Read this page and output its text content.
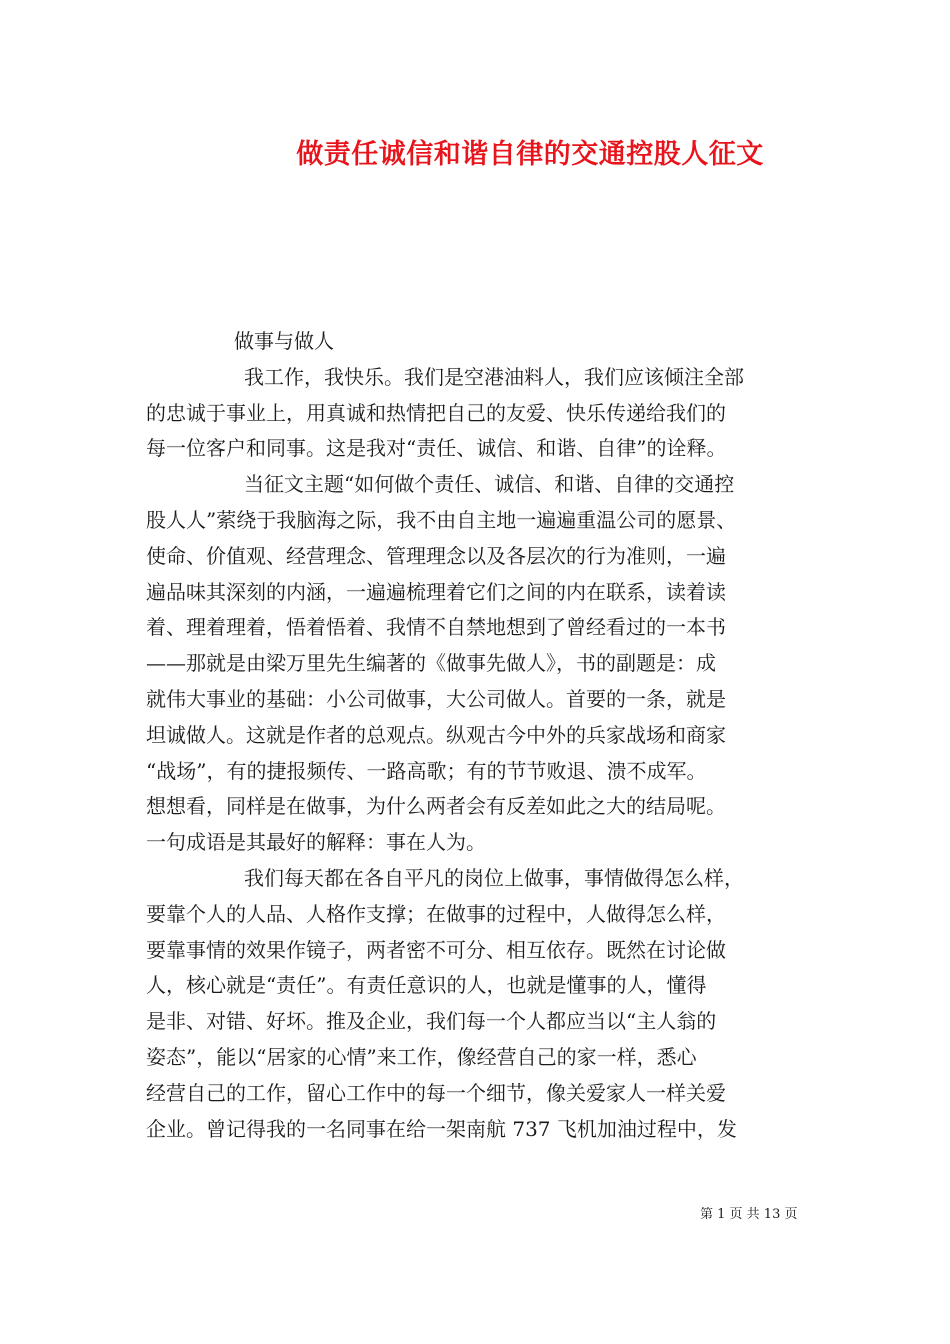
做责任诚信和谐自律的交通控股人征文
做事与做人
我工作，我快乐。我们是空港油料人，我们应该倾注全部
的忠诚于事业上，用真诚和热情把自己的友爱、快乐传递给我们的
每一位客户和同事。这是我对“责任、诚信、和谐、自律”的诠释。
当征文主题“如何做个责任、诚信、和谐、自律的交通控
股人人”萦绕于我脑海之际，我不由自主地一遍遍重温公司的愿景、
使命、价值观、经营理念、管理理念以及各层次的行为准则，一遍
遍品味其深刻的内涵，一遍遍梳理着它们之间的内在联系，读着读
着、理着理着，悟着悟着、我情不自禁地想到了曾经看过的一本书
——那就是由梁万里先生编著的《做事先做人》，书的副题是：成
就伟大事业的基础：小公司做事，大公司做人。首要的一条，就是
坦诚做人。这就是作者的总观点。纵观古今中外的兵家战场和商家
“战场”，有的捷报频传、一路高歌；有的节节败退、溃不成军。
想想看，同样是在做事，为什么两者会有反差如此之大的结局呢。
一句成语是其最好的解释：事在人为。
我们每天都在各自平凡的岗位上做事，事情做得怎么样，
要靠个人的人品、人格作支撑；在做事的过程中，人做得怎么样，
要靠事情的效果作镜子，两者密不可分、相互依存。既然在讨论做
人，核心就是“责任”。有责任意识的人，也就是懂事的人，懂得
是非、对错、好坏。推及企业，我们每一个人都应当以“主人翁的
姿态”，能以“居家的心情”来工作，像经营自己的家一样，悉心
经营自己的工作，留心工作中的每一个细节，像关爱家人一样关爱
企业。曾记得我的一名同事在给一架南航 737 飞机加油过程中，发
第 1 页 共 13 页
